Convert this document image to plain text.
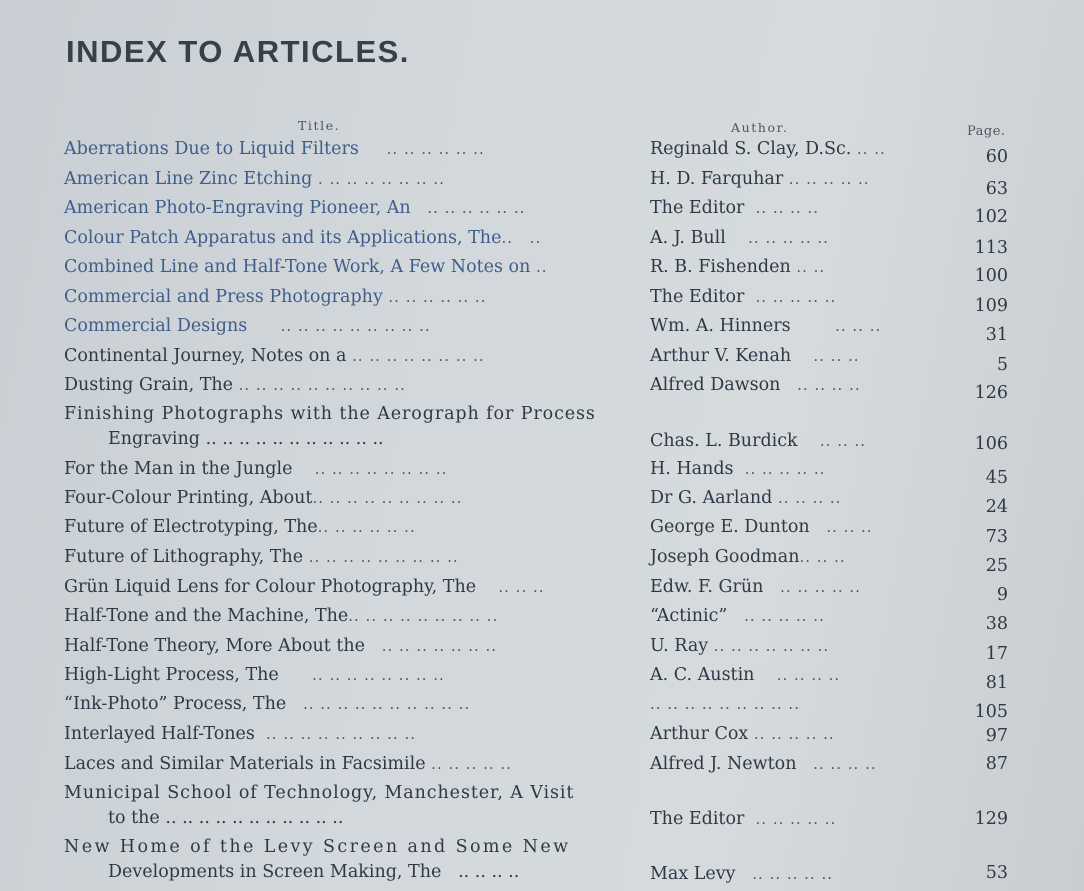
INDEX TO ARTICLES.
Title.	Author.	Page.
Aberrations Due to Liquid Filters .. .. .. .. .. ..	Reginald S. Clay, D.Sc. .. ..	60
American Line Zinc Etching . .. .. .. .. .. .. ..	H. D. Farquhar .. .. .. .. ..	63
American Photo-Engraving Pioneer, An .. .. .. .. .. ..	The Editor .. .. .. ..	102
Colour Patch Apparatus and its Applications, The.. ..	A. J. Bull .. .. .. .. ..	113
Combined Line and Half-Tone Work, A Few Notes on ..	R. B. Fishenden .. ..	100
Commercial and Press Photography .. .. .. .. .. ..	The Editor .. .. .. .. ..	109
Commercial Designs .. .. .. .. .. .. .. .. ..	Wm. A. Hinners	.. .. ..	31
Continental Journey, Notes on a .. .. .. .. .. .. .. ..	Arthur V. Kenah .. .. ..	5
Dusting Grain, The .. .. .. .. .. .. .. .. .. ..	Alfred Dawson .. .. .. ..	126
Finishing Photographs with the Aerograph for Process
Engraving .. .. .. .. .. .. .. .. .. .. ..	Chas. L. Burdick .. .. ..	106
For the Man in the Jungle .. .. .. .. .. .. .. ..	H. Hands .. .. .. .. ..	45
Four-Colour Printing, About.. .. .. .. .. .. .. .. ..	Dr G. Aarland .. .. .. ..	24
Future of Electrotyping, The.. .. .. .. .. ..	George E. Dunton .. .. ..	73
Future of Lithography, The .. .. .. .. .. .. .. .. ..	Joseph Goodman.. .. ..	25
Grün Liquid Lens for Colour Photography, The .. .. ..	Edw. F. Grün .. .. .. .. ..	9
Half-Tone and the Machine, The.. .. .. .. .. .. .. .. ..	“Actinic” .. .. .. .. ..	38
Half-Tone Theory, More About the .. .. .. .. .. .. ..	U. Ray .. .. .. .. .. .. ..	17
High-Light Process, The .. .. .. .. .. .. .. ..	A. C. Austin .. .. .. ..	81
“Ink-Photo” Process, The .. .. .. .. .. .. .. .. .. ..	.. .. .. .. .. .. .. .. ..	105
Interlayed Half-Tones .. .. .. .. .. .. .. .. ..	Arthur Cox .. .. .. .. ..	97
Laces and Similar Materials in Facsimile .. .. .. .. ..	Alfred J. Newton .. .. .. ..	87
Municipal School of Technology, Manchester, A Visit
to the .. .. .. .. .. .. .. .. .. .. ..	The Editor .. .. .. .. ..	129
New Home of the Levy Screen and Some New
Developments in Screen Making, The .. .. .. ..	Max Levy .. .. .. .. ..	53
